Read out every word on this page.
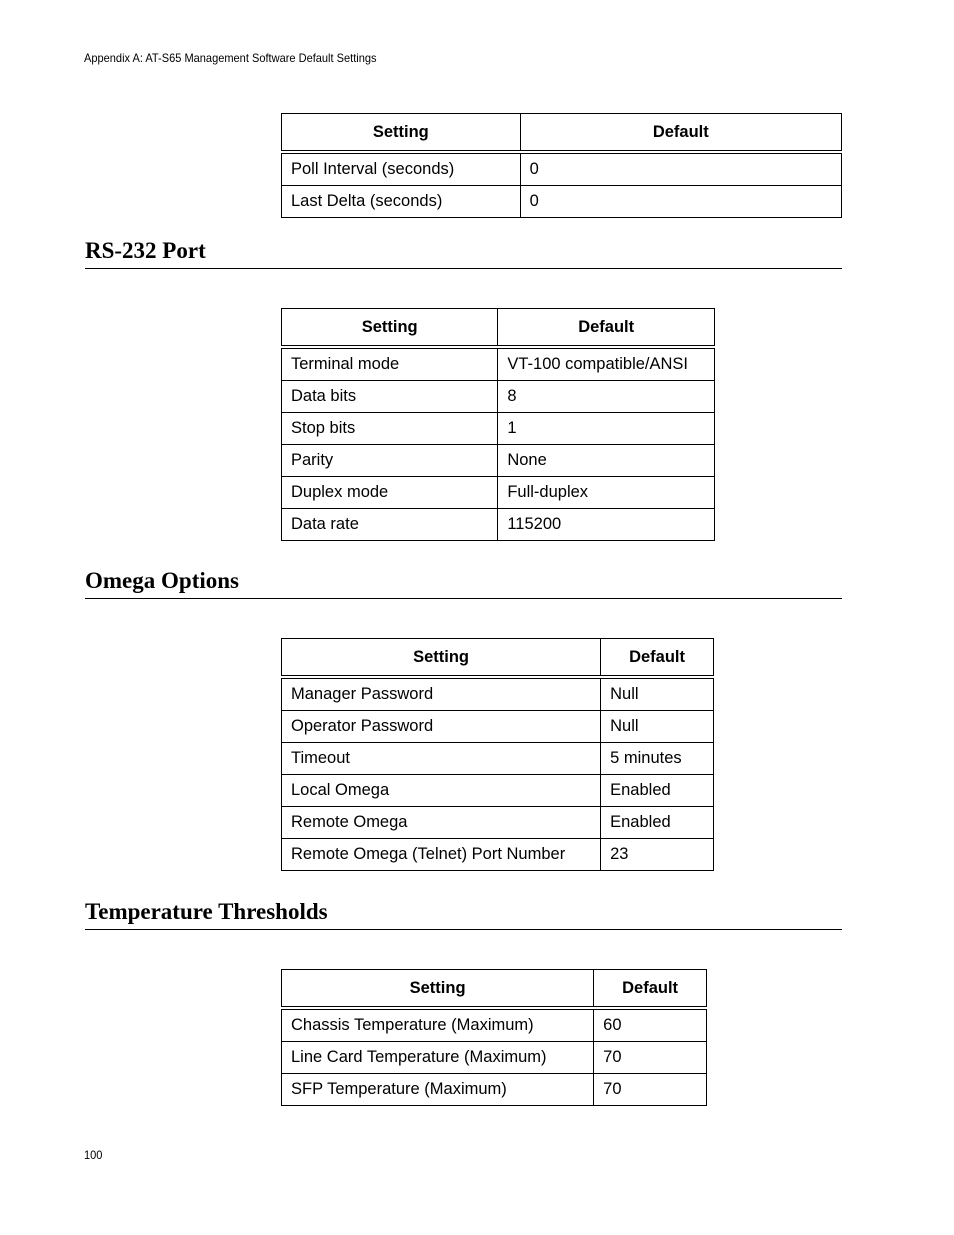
Appendix A: AT-S65 Management Software Default Settings
Setting	Default
Poll Interval (seconds)	0
Last Delta (seconds)	0
RS-232 Port
Setting	Default
Terminal mode	VT-100 compatible/ANSI
Data bits	8
Stop bits	1
Parity	None
Duplex mode	Full-duplex
Data rate	115200
Omega Options
Setting	Default
Manager Password	Null
Operator Password	Null
Timeout	5 minutes
Local Omega	Enabled
Remote Omega	Enabled
Remote Omega (Telnet) Port Number	23
Temperature Thresholds
Setting	Default
Chassis Temperature (Maximum)	60
Line Card Temperature (Maximum)	70
SFP Temperature (Maximum)	70
100
